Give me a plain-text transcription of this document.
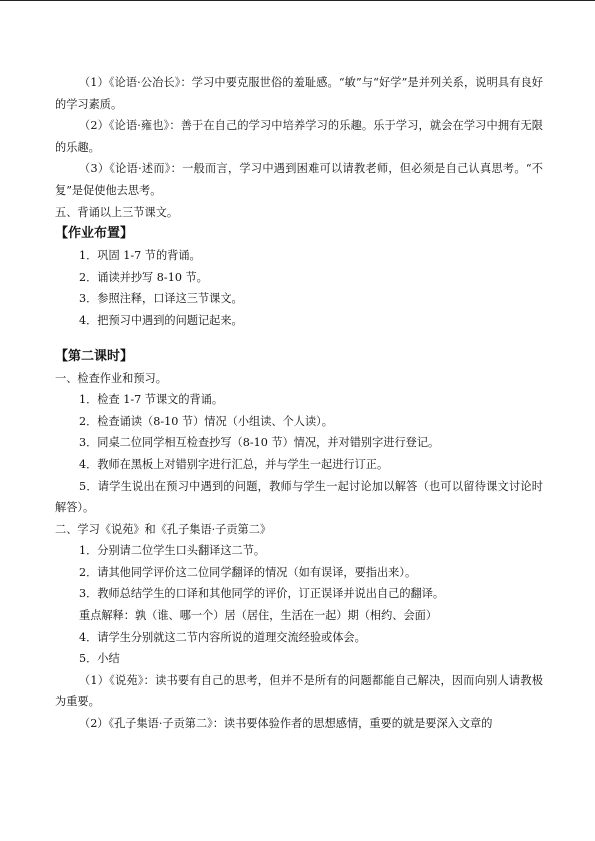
（1）《论语·公冶长》：学习中要克服世俗的羞耻感。“敏”与“好学”是并列关系，说明具有良好的学习素质。

（2）《论语·雍也》：善于在自己的学习中培养学习的乐趣。乐于学习，就会在学习中拥有无限的乐趣。

（3）《论语·述而》：一般而言，学习中遇到困难可以请教老师，但必须是自己认真思考。“不复”是促使他去思考。

五、背诵以上三节课文。

【作业布置】

1．巩固 1-7 节的背诵。

2．诵读并抄写 8-10 节。

3．参照注释，口译这三节课文。

4．把预习中遇到的问题记起来。

【第二课时】

一、检查作业和预习。

1．检查 1-7 节课文的背诵。

2．检查诵读（8-10 节）情况（小组读、个人读）。

3．同桌二位同学相互检查抄写（8-10 节）情况，并对错别字进行登记。

4．教师在黑板上对错别字进行汇总，并与学生一起进行订正。

5．请学生说出在预习中遇到的问题，教师与学生一起讨论加以解答（也可以留待课文讨论时解答）。

二、学习《说苑》和《孔子集语·子贡第二》

1．分别请二位学生口头翻译这二节。

2．请其他同学评价这二位同学翻译的情况（如有误译，要指出来）。

3．教师总结学生的口译和其他同学的评价，订正误译并说出自己的翻译。

重点解释：孰（谁、哪一个）居（居住，生活在一起）期（相约、会面）

4．请学生分别就这二节内容所说的道理交流经验或体会。

5．小结

（1）《说苑》：读书要有自己的思考，但并不是所有的问题都能自己解决，因而向别人请教极为重要。

（2）《孔子集语·子贡第二》：读书要体验作者的思想感情，重要的就是要深入文章的
